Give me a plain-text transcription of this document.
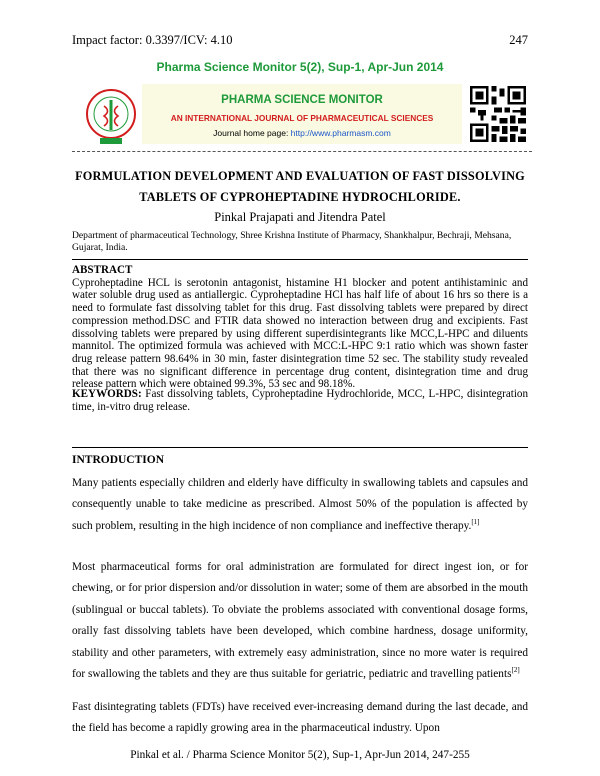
Impact factor: 0.3397/ICV: 4.10	247
Pharma Science Monitor 5(2), Sup-1, Apr-Jun 2014
PHARMA SCIENCE MONITOR
AN INTERNATIONAL JOURNAL OF PHARMACEUTICAL SCIENCES
Journal home page: http://www.pharmasm.com
FORMULATION DEVELOPMENT AND EVALUATION OF FAST DISSOLVING
TABLETS OF CYPROHEPTADINE HYDROCHLORIDE.
Pinkal Prajapati and Jitendra Patel
Department of pharmaceutical Technology, Shree Krishna Institute of Pharmacy, Shankhalpur, Bechraji, Mehsana, Gujarat, India.
ABSTRACT

Cyproheptadine HCL is serotonin antagonist, histamine H1 blocker and potent antihistaminic and water soluble drug used as antiallergic. Cyproheptadine HCl has half life of about 16 hrs so there is a need to formulate fast dissolving tablet for this drug. Fast dissolving tablets were prepared by direct compression method.DSC and FTIR data showed no interaction between drug and excipients. Fast dissolving tablets were prepared by using different superdisintegrants like MCC,L-HPC and diluents mannitol. The optimized formula was achieved with MCC:L-HPC 9:1 ratio which was shown faster drug release pattern 98.64% in 30 min, faster disintegration time 52 sec. The stability study revealed that there was no significant difference in percentage drug content, disintegration time and drug release pattern which were obtained 99.3%, 53 sec and 98.18%.

KEYWORDS: Fast dissolving tablets, Cyproheptadine Hydrochloride, MCC, L-HPC, disintegration time, in-vitro drug release.
INTRODUCTION

Many patients especially children and elderly have difficulty in swallowing tablets and capsules and consequently unable to take medicine as prescribed. Almost 50% of the population is affected by such problem, resulting in the high incidence of non compliance and ineffective therapy.[1]

Most pharmaceutical forms for oral administration are formulated for direct ingest ion, or for chewing, or for prior dispersion and/or dissolution in water; some of them are absorbed in the mouth (sublingual or buccal tablets). To obviate the problems associated with conventional dosage forms, orally fast dissolving tablets have been developed, which combine hardness, dosage uniformity, stability and other parameters, with extremely easy administration, since no more water is required for swallowing the tablets and they are thus suitable for geriatric, pediatric and travelling patients[2]

Fast disintegrating tablets (FDTs) have received ever-increasing demand during the last decade, and the field has become a rapidly growing area in the pharmaceutical industry. Upon

Pinkal et al. / Pharma Science Monitor 5(2), Sup-1, Apr-Jun 2014, 247-255
